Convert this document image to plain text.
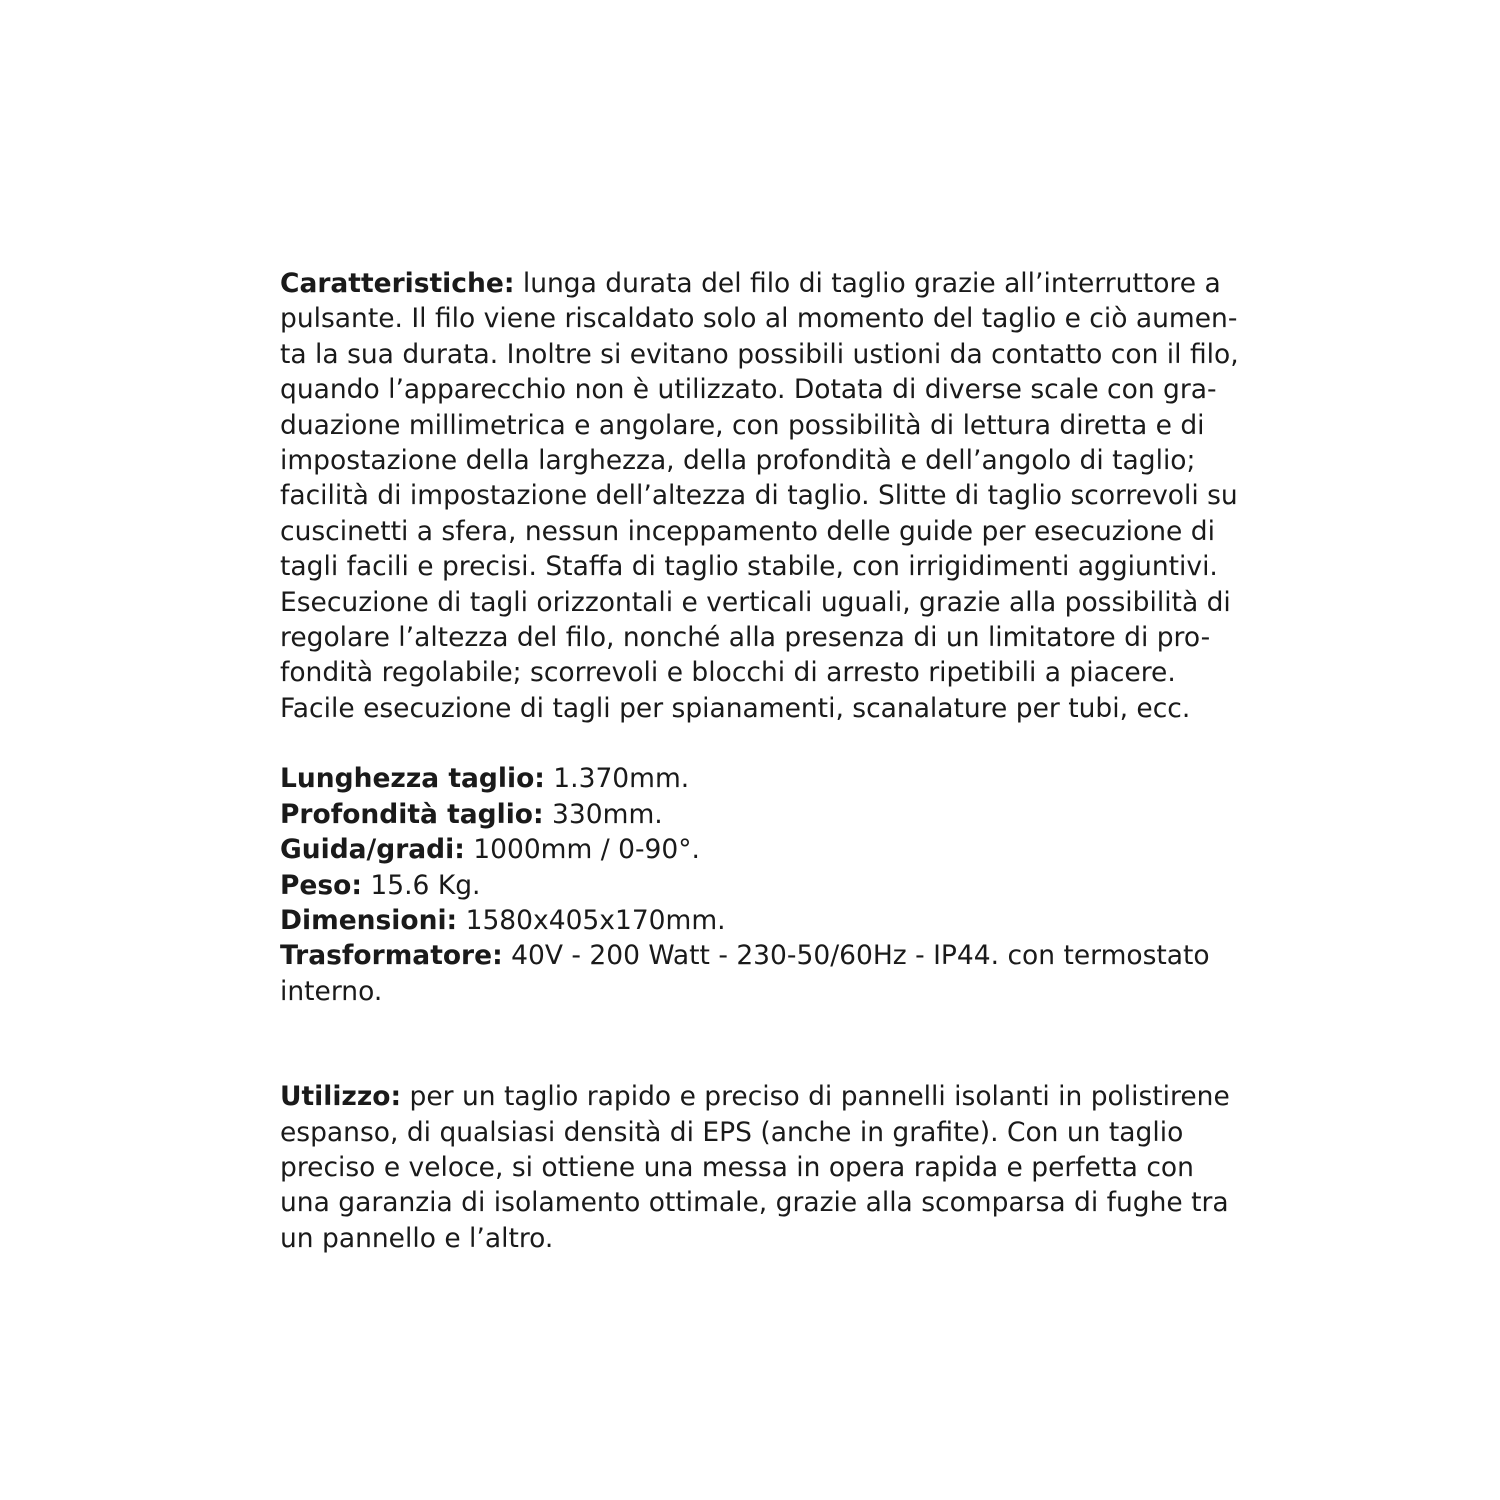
Caratteristiche: lunga durata del filo di taglio grazie all’interruttore a
pulsante. Il filo viene riscaldato solo al momento del taglio e ciò aumen-
ta la sua durata. Inoltre si evitano possibili ustioni da contatto con il filo,
quando l’apparecchio non è utilizzato. Dotata di diverse scale con gra-
duazione millimetrica e angolare, con possibilità di lettura diretta e di
impostazione della larghezza, della profondità e dell’angolo di taglio;
facilità di impostazione dell’altezza di taglio. Slitte di taglio scorrevoli su
cuscinetti a sfera, nessun inceppamento delle guide per esecuzione di
tagli facili e precisi. Staffa di taglio stabile, con irrigidimenti aggiuntivi.
Esecuzione di tagli orizzontali e verticali uguali, grazie alla possibilità di
regolare l’altezza del filo, nonché alla presenza di un limitatore di pro-
fondità regolabile; scorrevoli e blocchi di arresto ripetibili a piacere.
Facile esecuzione di tagli per spianamenti, scanalature per tubi, ecc.
Lunghezza taglio: 1.370mm.
Profondità taglio: 330mm.
Guida/gradi: 1000mm / 0-90°.
Peso: 15.6 Kg.
Dimensioni: 1580x405x170mm.
Trasformatore: 40V - 200 Watt - 230-50/60Hz - IP44. con termostato
interno.
Utilizzo: per un taglio rapido e preciso di pannelli isolanti in polistirene
espanso, di qualsiasi densità di EPS (anche in grafite). Con un taglio
preciso e veloce, si ottiene una messa in opera rapida e perfetta con
una garanzia di isolamento ottimale, grazie alla scomparsa di fughe tra
un pannello e l’altro.
